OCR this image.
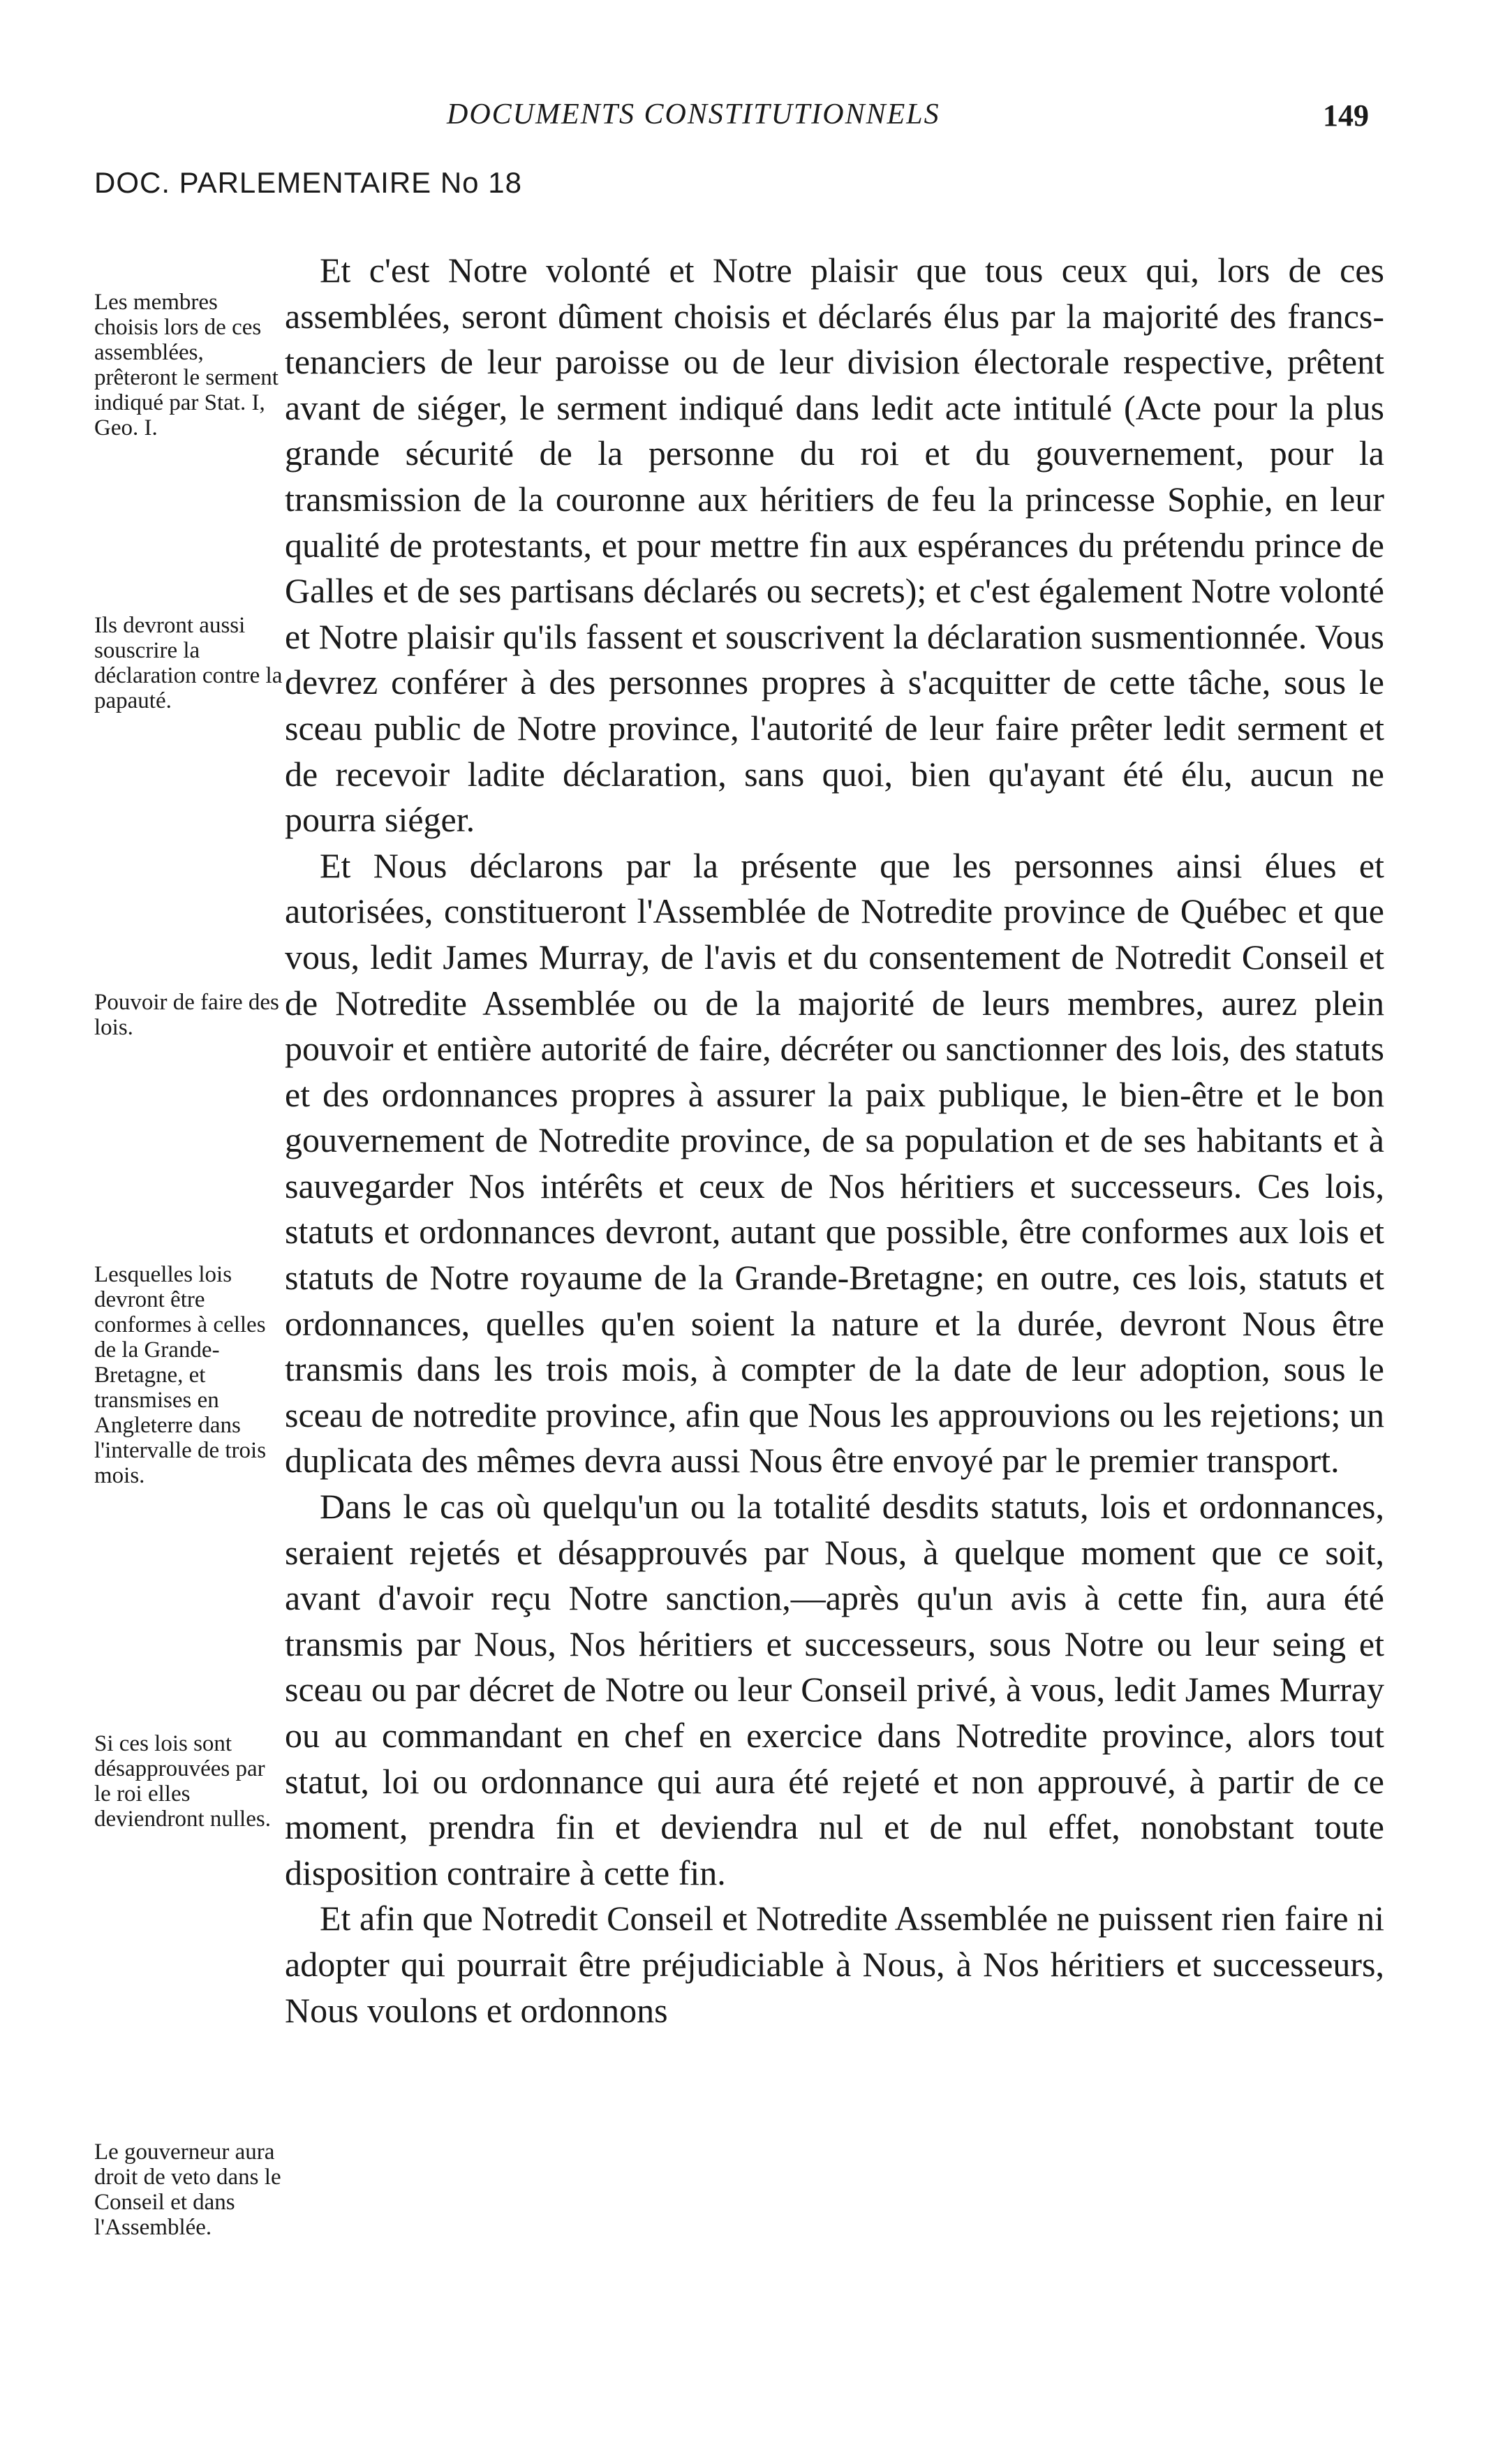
DOCUMENTS CONSTITUTIONNELS	149
DOC. PARLEMENTAIRE No 18

Et c'est Notre volonté et Notre plaisir que tous ceux qui, lors de ces assemblées, seront dûment choisis et déclarés élus par la majorité des francs-tenanciers de leur paroisse ou de leur division électorale respective, prêtent avant de siéger, le serment indiqué dans ledit acte intitulé (Acte pour la plus grande sécurité de la personne du roi et du gouvernement, pour la transmission de la couronne aux héritiers de feu la princesse Sophie, en leur qualité de protestants, et pour mettre fin aux espérances du prétendu prince de Galles et de ses partisans déclarés ou secrets); et c'est également Notre volonté et Notre plaisir qu'ils fassent et souscrivent la déclaration susmentionnée. Vous devrez conférer à des personnes propres à s'acquitter de cette tâche, sous le sceau public de Notre province, l'autorité de leur faire prêter ledit serment et de recevoir ladite déclaration, sans quoi, bien qu'ayant été élu, aucun ne pourra siéger.

Et Nous déclarons par la présente que les personnes ainsi élues et autorisées, constitueront l'Assemblée de Notredite province de Québec et que vous, ledit James Murray, de l'avis et du consentement de Notredit Conseil et de Notredite Assemblée ou de la majorité de leurs membres, aurez plein pouvoir et entière autorité de faire, décréter ou sanctionner des lois, des statuts et des ordonnances propres à assurer la paix publique, le bien-être et le bon gouvernement de Notredite province, de sa population et de ses habitants et à sauvegarder Nos intérêts et ceux de Nos héritiers et successeurs. Ces lois, statuts et ordonnances devront, autant que possible, être conformes aux lois et statuts de Notre royaume de la Grande-Bretagne; en outre, ces lois, statuts et ordonnances, quelles qu'en soient la nature et la durée, devront Nous être transmis dans les trois mois, à compter de la date de leur adoption, sous le sceau de notredite province, afin que Nous les approuvions ou les rejetions; un duplicata des mêmes devra aussi Nous être envoyé par le premier transport.

Dans le cas où quelqu'un ou la totalité desdits statuts, lois et ordonnances, seraient rejetés et désapprouvés par Nous, à quelque moment que ce soit, avant d'avoir reçu Notre sanction,—après qu'un avis à cette fin, aura été transmis par Nous, Nos héritiers et successeurs, sous Notre ou leur seing et sceau ou par décret de Notre ou leur Conseil privé, à vous, ledit James Murray ou au commandant en chef en exercice dans Notredite province, alors tout statut, loi ou ordonnance qui aura été rejeté et non approuvé, à partir de ce moment, prendra fin et deviendra nul et de nul effet, nonobstant toute disposition contraire à cette fin.

Et afin que Notredit Conseil et Notredite Assemblée ne puissent rien faire ni adopter qui pourrait être préjudiciable à Nous, à Nos héritiers et successeurs, Nous voulons et ordonnons

Les membres choisis lors de ces assemblées, prêteront le serment indiqué par Stat. I, Geo. I.
Ils devront aussi souscrire la déclaration contre la papauté.
Pouvoir de faire des lois.
Lesquelles lois devront être conformes à celles de la Grande-Bretagne, et transmises en Angleterre dans l'intervalle de trois mois.
Si ces lois sont désapprouvées par le roi elles deviendront nulles.
Le gouverneur aura droit de veto dans le Conseil et dans l'Assemblée.
